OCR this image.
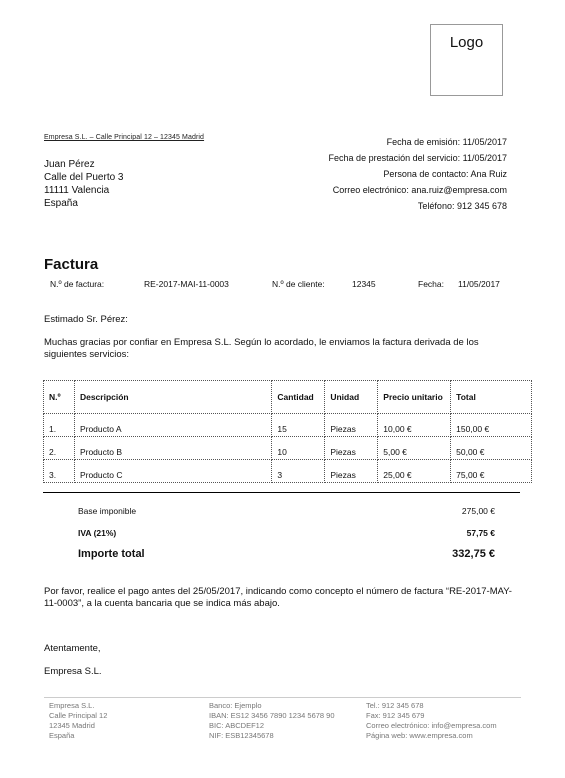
Logo
Empresa S.L. – Calle Principal 12 – 12345 Madrid
Juan Pérez
Calle del Puerto 3
11111 Valencia
España
Fecha de emisión: 11/05/2017
Fecha de prestación del servicio: 11/05/2017
Persona de contacto: Ana Ruiz
Correo electrónico: ana.ruiz@empresa.com
Teléfono: 912 345 678
Factura
N.º de factura:	RE-2017-MAI-11-0003	N.º de cliente:	12345	Fecha: 11/05/2017
Estimado Sr. Pérez:
Muchas gracias por confiar en Empresa S.L. Según lo acordado, le enviamos la factura derivada de los siguientes servicios:
N.º	Descripción	Cantidad	Unidad	Precio unitario	Total
1.	Producto A	15	Piezas	10,00 €	150,00 €
2.	Producto B	10	Piezas	5,00 €	50,00 €
3.	Producto C	3	Piezas	25,00 €	75,00 €
Base imponible	275,00 €
IVA (21%)	57,75 €
Importe total	332,75 €
Por favor, realice el pago antes del 25/05/2017, indicando como concepto el número de factura “RE-2017-MAY-11-0003”, a la cuenta bancaria que se indica más abajo.
Atentamente,
Empresa S.L.
Empresa S.L.
Calle Principal 12
12345 Madrid
España
Banco: Ejemplo
IBAN: ES12 3456 7890 1234 5678 90
BIC: ABCDEF12
NIF: ESB12345678
Tel.: 912 345 678
Fax: 912 345 679
Correo electrónico: info@empresa.com
Página web: www.empresa.com
